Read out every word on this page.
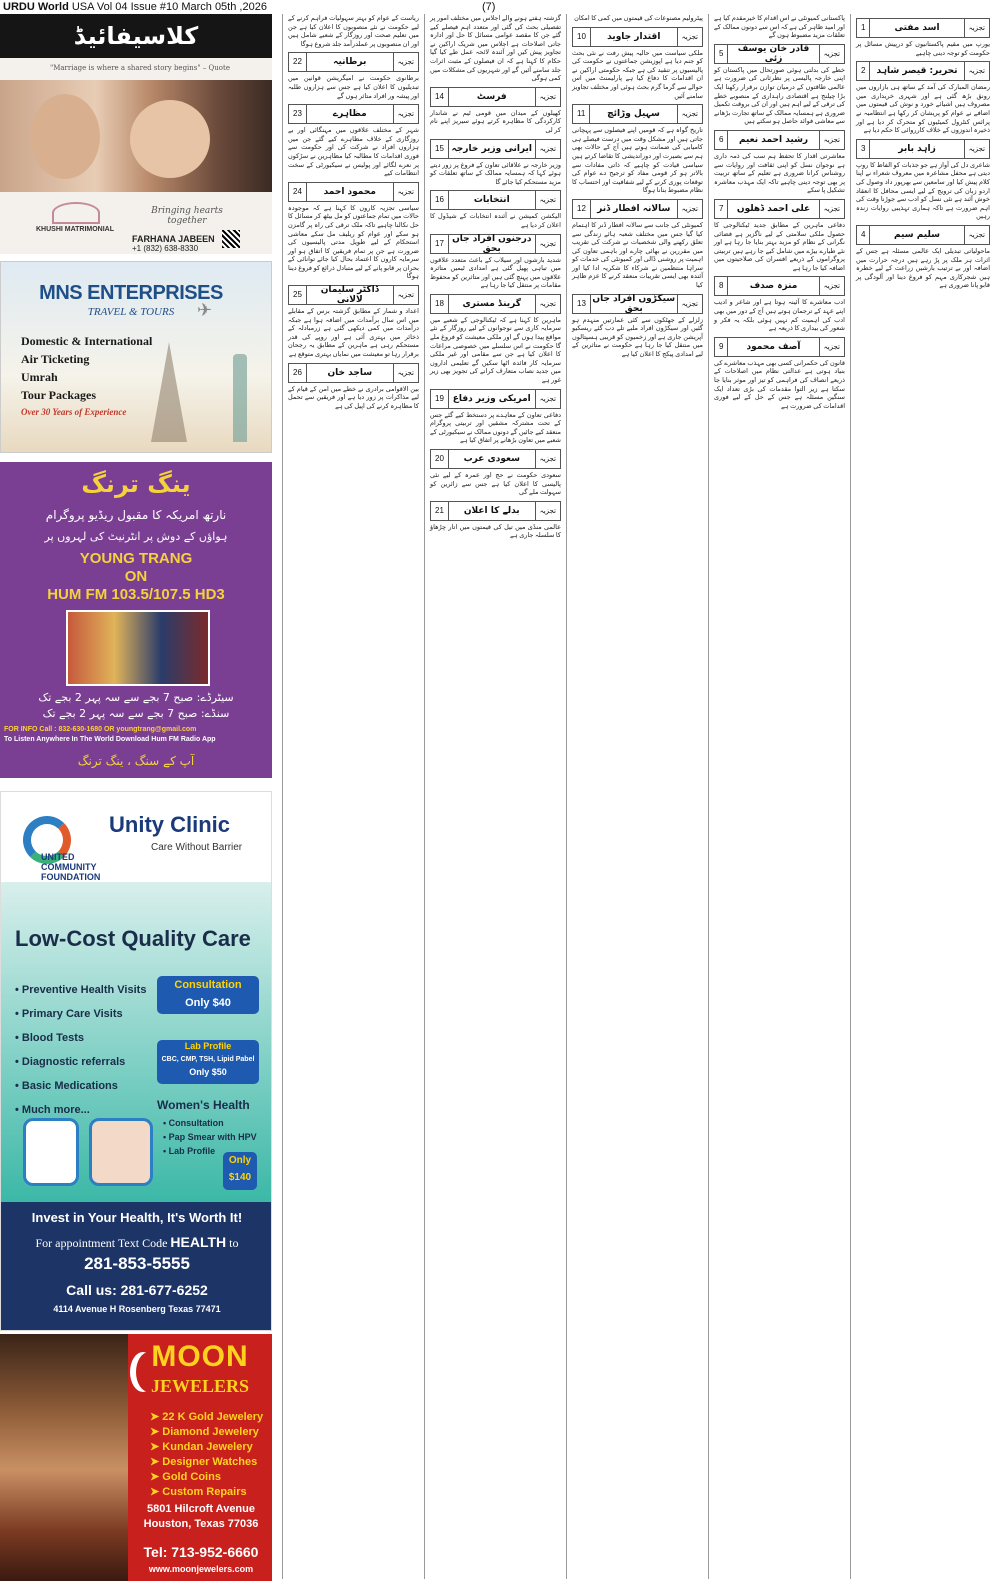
URDU World USA Vol 04 Issue #10 March 05th ,2026	(7)
کلاسیفائیڈ
"Marriage is where a shared story begins" – Quote
KHUSHI MATRIMONIAL
Bringing hearts together
FARHANA JABEEN
+1 (832) 638-8330
✈
MNS ENTERPRISES
TRAVEL & TOURS
Domestic & International
Air Ticketing
Umrah
Tour Packages
Over 30 Years of Experience
ینگ ترنگ
نارتھ امریکہ کا مقبول ریڈیو پروگرام
ہواؤں کے دوش پر انٹرنیٹ کی لہروں پر
YOUNG TRANG
ON
HUM FM 103.5/107.5 HD3
سیٹرڈے: صبح 7 بجے سے سہ پہر 2 بجے تک
سنڈے: صبح 7 بجے سے سہ پہر 2 بجے تک
FOR INFO Call : 832-630-1680 OR youngtrang@gmail.com
To Listen Anywhere In The World Download Hum FM Radio App
آپ کے سنگ ، ینگ ترنگ
UNITED COMMUNITY FOUNDATION
Unity Clinic
Care Without Barrier
Low-Cost Quality Care
• Preventive Health Visits
• Primary Care Visits
• Blood Tests
• Diagnostic referrals
• Basic Medications
• Much more...
Consultation
Only $40
Lab Profile
CBC, CMP, TSH, Lipid Pabel
Only $50
Women's Health
• Consultation
• Pap Smear with HPV
• Lab Profile
Only
$140
Invest in Your Health, It's Worth It!
For appointment Text Code HEALTH to
281-853-5555
Call us: 281-677-6252
4114 Avenue H Rosenberg Texas 77471
MOON
JEWELERS
➤ 22 K Gold Jewelery
➤ Diamond Jewelery
➤ Kundan Jewelery
➤ Designer Watches
➤ Gold Coins
➤ Custom Repairs
5801 Hilcroft Avenue
Houston, Texas 77036
Tel: 713-952-6660
www.moonjewelers.com
ریاست کے عوام کو بہتر سہولیات فراہم کرنے کے لیے حکومت نے نئے منصوبوں کا اعلان کیا ہے جن میں تعلیم صحت اور روزگار کے شعبے شامل ہیں اور ان منصوبوں پر عملدرآمد جلد شروع ہوگا
22	برطانیہ	تجزیہ
برطانوی حکومت نے امیگریشن قوانین میں تبدیلیوں کا اعلان کیا ہے جس سے ہزاروں طلبہ اور پیشہ ور افراد متاثر ہوں گے
23	مظاہرے	تجزیہ
شہر کے مختلف علاقوں میں مہنگائی اور بے روزگاری کے خلاف مظاہرے کیے گئے جن میں ہزاروں افراد نے شرکت کی اور حکومت سے فوری اقدامات کا مطالبہ کیا مظاہرین نے سڑکوں پر نعرے لگائے اور پولیس نے سیکیورٹی کے سخت انتظامات کیے
24	محمود احمد	تجزیہ
سیاسی تجزیہ کاروں کا کہنا ہے کہ موجودہ حالات میں تمام جماعتوں کو مل بیٹھ کر مسائل کا حل نکالنا چاہیے تاکہ ملک ترقی کی راہ پر گامزن ہو سکے اور عوام کو ریلیف مل سکے معاشی استحکام کے لیے طویل مدتی پالیسیوں کی ضرورت ہے جن پر تمام فریقین کا اتفاق ہو اور سرمایہ کاروں کا اعتماد بحال کیا جائے توانائی کے بحران پر قابو پانے کے لیے متبادل ذرائع کو فروغ دینا ہوگا
25	ڈاکٹر سلیمان لالانی	تجزیہ
اعداد و شمار کے مطابق گزشتہ برس کے مقابلے میں اس سال برآمدات میں اضافہ ہوا ہے جبکہ درآمدات میں کمی دیکھی گئی ہے زرمبادلہ کے ذخائر میں بہتری آئی ہے اور روپے کی قدر مستحکم رہی ہے ماہرین کے مطابق یہ رجحان برقرار رہا تو معیشت میں نمایاں بہتری متوقع ہے
26	ساجد خان	تجزیہ
بین الاقوامی برادری نے خطے میں امن کے قیام کے لیے مذاکرات پر زور دیا ہے اور فریقین سے تحمل کا مظاہرہ کرنے کی اپیل کی ہے
گزشتہ ہفتے ہونے والے اجلاس میں مختلف امور پر تفصیلی بحث کی گئی اور متعدد اہم فیصلے کیے گئے جن کا مقصد عوامی مسائل کا حل اور ادارہ جاتی اصلاحات ہے اجلاس میں شریک اراکین نے تجاویز پیش کیں اور آئندہ لائحہ عمل طے کیا گیا حکام کا کہنا ہے کہ ان فیصلوں کے مثبت اثرات جلد سامنے آئیں گے اور شہریوں کی مشکلات میں کمی ہوگی
14	فرسٹ	تجزیہ
کھیلوں کے میدان میں قومی ٹیم نے شاندار کارکردگی کا مظاہرہ کرتے ہوئے سیریز اپنے نام کر لی
15 ایرانی وزیر خارجہ	تجزیہ
وزیر خارجہ نے علاقائی تعاون کے فروغ پر زور دیتے ہوئے کہا کہ ہمسایہ ممالک کے ساتھ تعلقات کو مزید مستحکم کیا جائے گا
16	انتخابات	تجزیہ
الیکشن کمیشن نے آئندہ انتخابات کے شیڈول کا اعلان کر دیا ہے
17 درجنوں افراد جاں بحق	تجزیہ
شدید بارشوں اور سیلاب کے باعث متعدد علاقوں میں تباہی پھیل گئی ہے امدادی ٹیمیں متاثرہ علاقوں میں پہنچ گئی ہیں اور متاثرین کو محفوظ مقامات پر منتقل کیا جا رہا ہے
18	گرینڈ مستری	تجزیہ
ماہرین کا کہنا ہے کہ ٹیکنالوجی کے شعبے میں سرمایہ کاری سے نوجوانوں کے لیے روزگار کے نئے مواقع پیدا ہوں گے اور ملکی معیشت کو فروغ ملے گا حکومت نے اس سلسلے میں خصوصی مراعات کا اعلان کیا ہے جن سے مقامی اور غیر ملکی سرمایہ کار فائدہ اٹھا سکیں گے تعلیمی اداروں میں جدید نصاب متعارف کرانے کی تجویز بھی زیر غور ہے
19 امریکی وزیر دفاع	تجزیہ
دفاعی تعاون کے معاہدے پر دستخط کیے گئے جس کے تحت مشترکہ مشقیں اور تربیتی پروگرام منعقد کیے جائیں گے دونوں ممالک نے سیکیورٹی کے شعبے میں تعاون بڑھانے پر اتفاق کیا ہے
20	سعودی عرب	تجزیہ
سعودی حکومت نے حج اور عمرہ کے لیے نئی پالیسی کا اعلان کیا ہے جس سے زائرین کو سہولت ملے گی
21	بدلے کا اعلان	تجزیہ
عالمی منڈی میں تیل کی قیمتوں میں اتار چڑھاؤ کا سلسلہ جاری ہے
پیٹرولیم مصنوعات کی قیمتوں میں کمی کا امکان
10	اقتدار جاوید	تجزیہ
ملکی سیاست میں حالیہ پیش رفت نے نئی بحث کو جنم دیا ہے اپوزیشن جماعتوں نے حکومت کی پالیسیوں پر تنقید کی ہے جبکہ حکومتی اراکین نے ان اقدامات کا دفاع کیا ہے پارلیمنٹ میں اس حوالے سے گرما گرم بحث ہوئی اور مختلف تجاویز سامنے آئیں
11	سہیل وڑائچ	تجزیہ
تاریخ گواہ ہے کہ قومیں اپنے فیصلوں سے پہچانی جاتی ہیں اور مشکل وقت میں درست فیصلے ہی کامیابی کی ضمانت ہوتے ہیں آج کے حالات بھی ہم سے بصیرت اور دوراندیشی کا تقاضا کرتے ہیں سیاسی قیادت کو چاہیے کہ ذاتی مفادات سے بالاتر ہو کر قومی مفاد کو ترجیح دے عوام کی توقعات پوری کرنے کے لیے شفافیت اور احتساب کا نظام مضبوط بنانا ہوگا
12	سالانہ افطار ڈنر	تجزیہ
کمیونٹی کی جانب سے سالانہ افطار ڈنر کا اہتمام کیا گیا جس میں مختلف شعبہ ہائے زندگی سے تعلق رکھنے والی شخصیات نے شرکت کی تقریب میں مقررین نے بھائی چارے اور باہمی تعاون کی اہمیت پر روشنی ڈالی اور کمیونٹی کی خدمات کو سراہا منتظمین نے شرکاء کا شکریہ ادا کیا اور آئندہ بھی ایسی تقریبات منعقد کرنے کا عزم ظاہر کیا
13 سیکڑوں افراد جاں بحق	تجزیہ
زلزلے کے جھٹکوں سے کئی عمارتیں منہدم ہو گئیں اور سیکڑوں افراد ملبے تلے دب گئے ریسکیو آپریشن جاری ہے اور زخمیوں کو قریبی ہسپتالوں میں منتقل کیا جا رہا ہے حکومت نے متاثرین کے لیے امدادی پیکج کا اعلان کیا ہے
پاکستانی کمیونٹی نے اس اقدام کا خیرمقدم کیا ہے اور امید ظاہر کی ہے کہ اس سے دونوں ممالک کے تعلقات مزید مضبوط ہوں گے
5	قادر خان یوسف زئی	تجزیہ
خطے کی بدلتی ہوئی صورتحال میں پاکستان کو اپنی خارجہ پالیسی پر نظرثانی کی ضرورت ہے عالمی طاقتوں کے درمیان توازن برقرار رکھنا ایک بڑا چیلنج ہے اقتصادی راہداری کے منصوبے خطے کی ترقی کے لیے اہم ہیں اور ان کی بروقت تکمیل ضروری ہے ہمسایہ ممالک کے ساتھ تجارت بڑھانے سے معاشی فوائد حاصل ہو سکتے ہیں
6	رشید احمد نعیم	تجزیہ
معاشرتی اقدار کا تحفظ ہم سب کی ذمہ داری ہے نوجوان نسل کو اپنی ثقافت اور روایات سے روشناس کرانا ضروری ہے تعلیم کے ساتھ تربیت پر بھی توجہ دینی چاہیے تاکہ ایک مہذب معاشرہ تشکیل پا سکے
7	علی احمد ڈھلوں	تجزیہ
دفاعی ماہرین کے مطابق جدید ٹیکنالوجی کا حصول ملکی سلامتی کے لیے ناگزیر ہے فضائی نگرانی کے نظام کو مزید بہتر بنایا جا رہا ہے اور نئے طیارے بیڑے میں شامل کیے جا رہے ہیں تربیتی پروگراموں کے ذریعے افسران کی صلاحیتوں میں اضافہ کیا جا رہا ہے
8	منزہ صدف	تجزیہ
ادب معاشرے کا آئینہ ہوتا ہے اور شاعر و ادیب اپنے عہد کے ترجمان ہوتے ہیں آج کے دور میں بھی ادب کی اہمیت کم نہیں ہوئی بلکہ یہ فکر و شعور کی بیداری کا ذریعہ ہے
9	آصف محمود	تجزیہ
قانون کی حکمرانی کسی بھی مہذب معاشرے کی بنیاد ہوتی ہے عدالتی نظام میں اصلاحات کے ذریعے انصاف کی فراہمی کو تیز اور موثر بنایا جا سکتا ہے زیر التوا مقدمات کی بڑی تعداد ایک سنگین مسئلہ ہے جس کے حل کے لیے فوری اقدامات کی ضرورت ہے
1	اسد مفتی	تجزیہ
یورپ میں مقیم پاکستانیوں کو درپیش مسائل پر حکومت کو توجہ دینی چاہیے
2	تحریر: قیصر شاہد	تجزیہ
رمضان المبارک کی آمد کے ساتھ ہی بازاروں میں رونق بڑھ گئی ہے اور شہری خریداری میں مصروف ہیں اشیائے خورد و نوش کی قیمتوں میں اضافے نے عوام کو پریشان کر رکھا ہے انتظامیہ نے پرائس کنٹرول کمیٹیوں کو متحرک کر دیا ہے اور ذخیرہ اندوزوں کے خلاف کارروائی کا حکم دیا ہے
3	زاہد بابر	تجزیہ
شاعری دل کی آواز ہے جو جذبات کو الفاظ کا روپ دیتی ہے محفل مشاعرہ میں معروف شعراء نے اپنا کلام پیش کیا اور سامعین سے بھرپور داد وصول کی اردو زبان کی ترویج کے لیے ایسی محافل کا انعقاد خوش آئند ہے نئی نسل کو ادب سے جوڑنا وقت کی اہم ضرورت ہے تاکہ ہماری تہذیبی روایات زندہ رہیں
4	سلیم سیم	تجزیہ
ماحولیاتی تبدیلی ایک عالمی مسئلہ ہے جس کے اثرات ہر ملک پر پڑ رہے ہیں درجہ حرارت میں اضافہ اور بے ترتیب بارشیں زراعت کے لیے خطرہ ہیں شجرکاری مہم کو فروغ دینا اور آلودگی پر قابو پانا ضروری ہے
